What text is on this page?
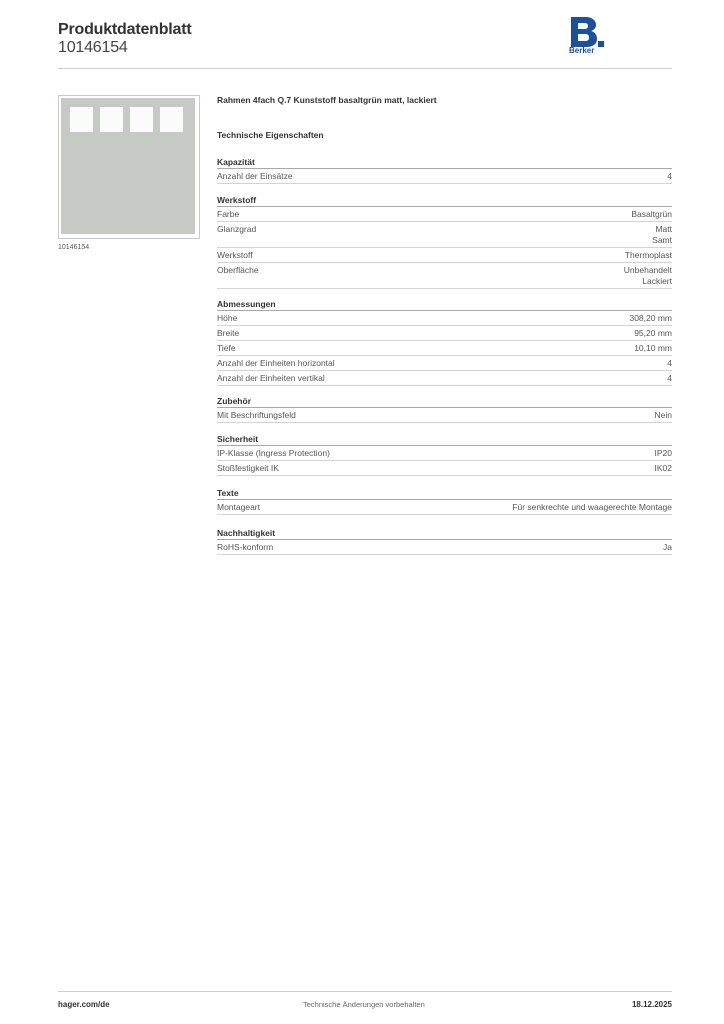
Produktdatenblatt
10146154	Berker
10146154
Rahmen 4fach Q.7 Kunststoff basaltgrün matt, lackiert
Technische Eigenschaften
Kapazität
Anzahl der Einsätze	4
Werkstoff
Farbe	Basaltgrün
Glanzgrad	Matt
Samt
Werkstoff	Thermoplast
Oberfläche	Unbehandelt
Lackiert
Abmessungen
Höhe	308,20 mm
Breite	95,20 mm
Tiefe	10,10 mm
Anzahl der Einheiten horizontal	4
Anzahl der Einheiten vertikal	4
Zubehör
Mit Beschriftungsfeld	Nein
Sicherheit
IP-Klasse (Ingress Protection)	IP20
Stoßfestigkeit IK	IK02
Texte
Montageart	Für senkrechte und waagerechte Montage
Nachhaltigkeit
RoHS-konform	Ja
hager.com/de	Technische Änderungen vorbehalten	18.12.2025
